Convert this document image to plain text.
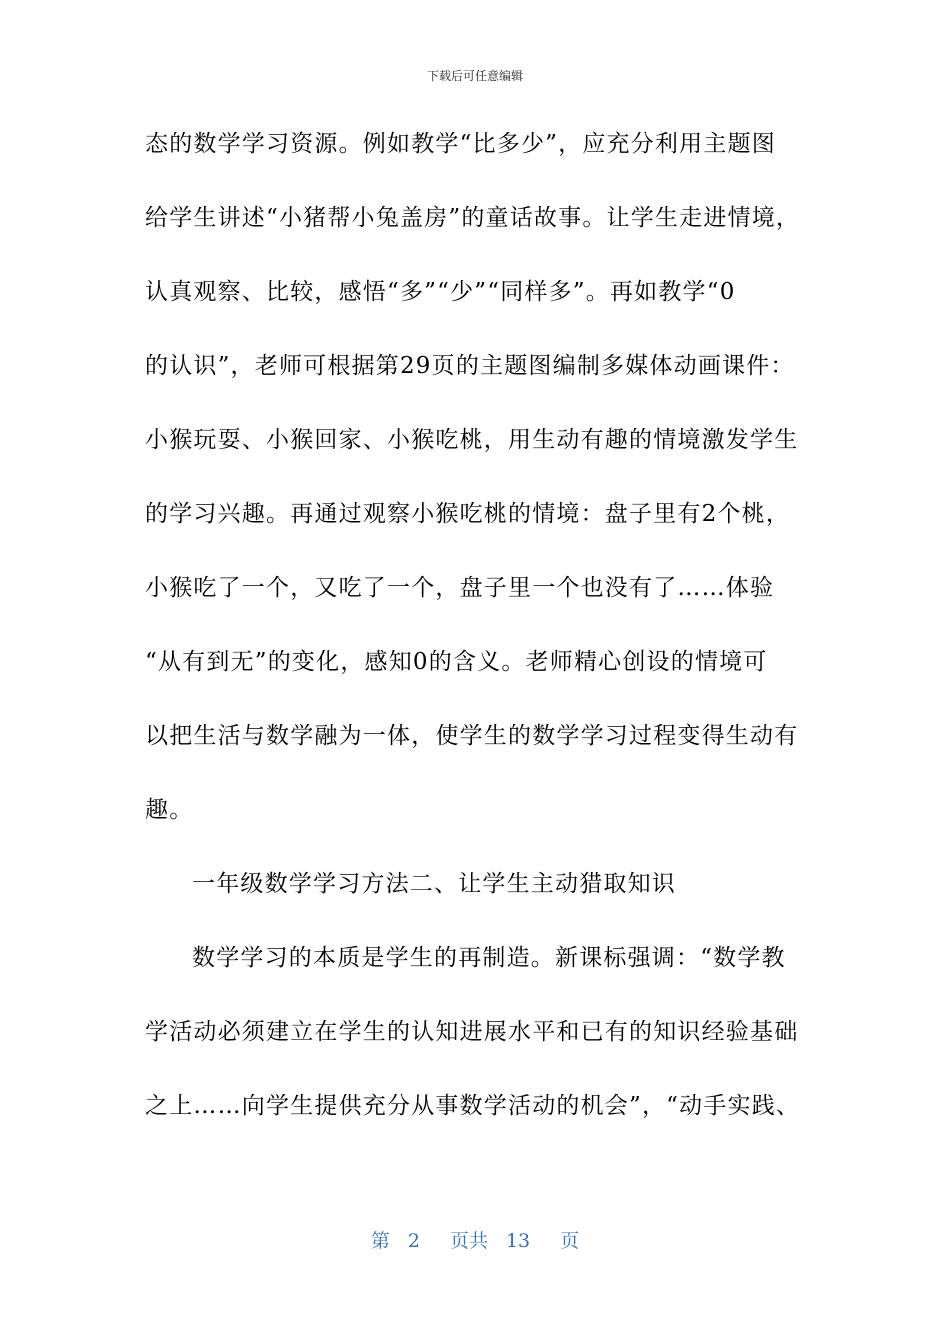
下载后可任意编辑
态的数学学习资源。例如教学“比多少”，应充分利用主题图
给学生讲述“小猪帮小兔盖房”的童话故事。让学生走进情境，
认真观察、比较，感悟“多”“少”“同样多”。再如教学“0
的认识”，老师可根据第29页的主题图编制多媒体动画课件：
小猴玩耍、小猴回家、小猴吃桃，用生动有趣的情境激发学生
的学习兴趣。再通过观察小猴吃桃的情境：盘子里有2个桃，
小猴吃了一个，又吃了一个，盘子里一个也没有了……体验
“从有到无”的变化，感知0的含义。老师精心创设的情境可
以把生活与数学融为一体，使学生的数学学习过程变得生动有
趣。
一年级数学学习方法二、让学生主动猎取知识
数学学习的本质是学生的再制造。新课标强调：“数学教
学活动必须建立在学生的认知进展水平和已有的知识经验基础
之上……向学生提供充分从事数学活动的机会”，“动手实践、
第 2 页共 13 页
